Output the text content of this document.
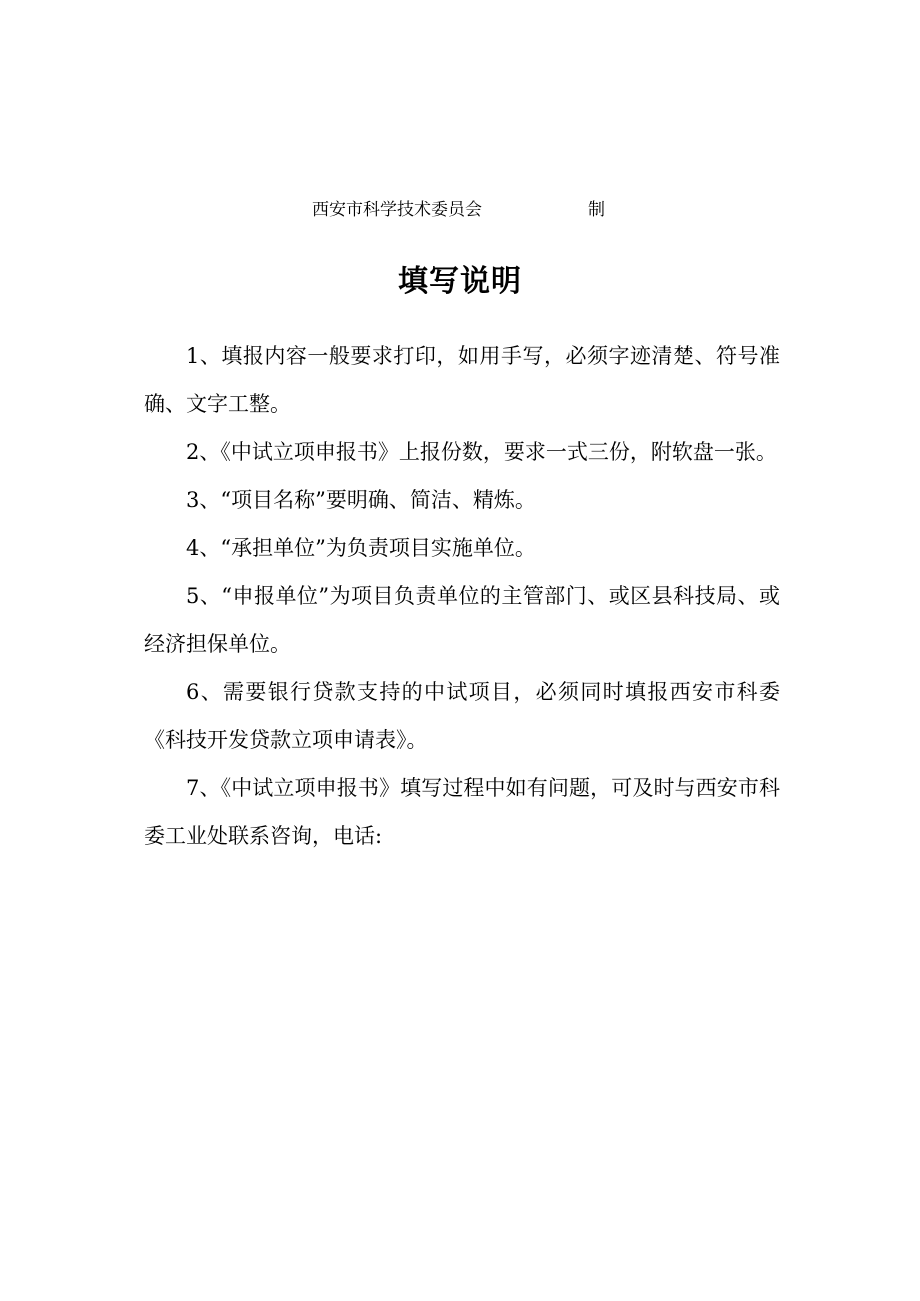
西安市科学技术委员会	制
填写说明

1、填报内容一般要求打印，如用手写，必须字迹清楚、符号准确、文字工整。

2、《中试立项申报书》上报份数，要求一式三份，附软盘一张。

3、“项目名称”要明确、简洁、精炼。

4、“承担单位”为负责项目实施单位。

5、“申报单位”为项目负责单位的主管部门、或区县科技局、或经济担保单位。

6、需要银行贷款支持的中试项目，必须同时填报西安市科委《科技开发贷款立项申请表》。

7、《中试立项申报书》填写过程中如有问题，可及时与西安市科委工业处联系咨询，电话:
